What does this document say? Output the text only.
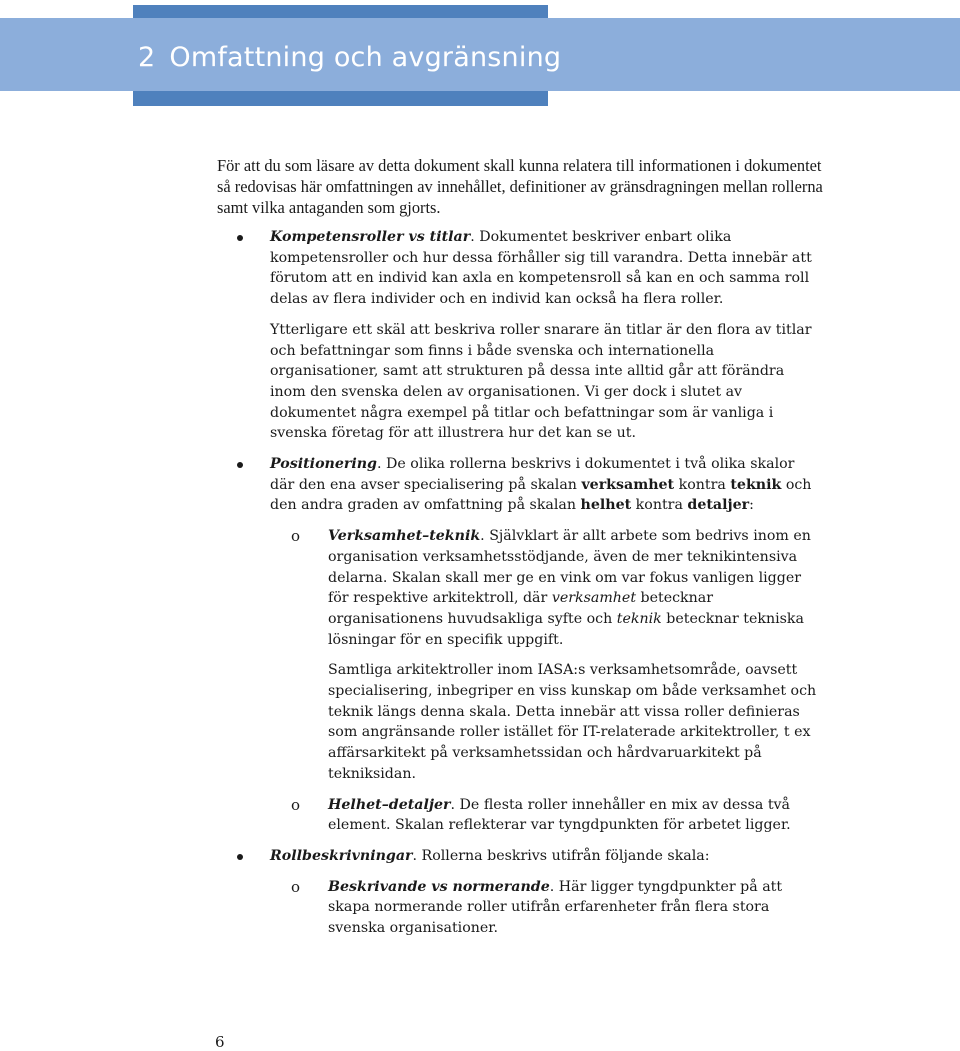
2 Omfattning och avgränsning

För att du som läsare av detta dokument skall kunna relatera till informationen i dokumentet så redovisas här omfattningen av innehållet, definitioner av gränsdragningen mellan rollerna samt vilka antaganden som gjorts.

Kompetensroller vs titlar. Dokumentet beskriver enbart olika kompetensroller och hur dessa förhåller sig till varandra. Detta innebär att förutom att en individ kan axla en kompetensroll så kan en och samma roll delas av flera individer och en individ kan också ha flera roller.

Ytterligare ett skäl att beskriva roller snarare än titlar är den flora av titlar och befattningar som finns i både svenska och internationella organisationer, samt att strukturen på dessa inte alltid går att förändra inom den svenska delen av organisationen. Vi ger dock i slutet av dokumentet några exempel på titlar och befattningar som är vanliga i svenska företag för att illustrera hur det kan se ut.

Positionering. De olika rollerna beskrivs i dokumentet i två olika skalor där den ena avser specialisering på skalan verksamhet kontra teknik och den andra graden av omfattning på skalan helhet kontra detaljer:

o Verksamhet–teknik. Självklart är allt arbete som bedrivs inom en organisation verksamhetsstödjande, även de mer teknikintensiva delarna. Skalan skall mer ge en vink om var fokus vanligen ligger för respektive arkitektroll, där verksamhet betecknar organisationens huvudsakliga syfte och teknik betecknar tekniska lösningar för en specifik uppgift.

Samtliga arkitektroller inom IASA:s verksamhetsområde, oavsett specialisering, inbegriper en viss kunskap om både verksamhet och teknik längs denna skala. Detta innebär att vissa roller definieras som angränsande roller istället för IT-relaterade arkitektroller, t ex affärsarkitekt på verksamhetssidan och hårdvaruarkitekt på tekniksidan.

o Helhet–detaljer. De flesta roller innehåller en mix av dessa två element. Skalan reflekterar var tyngdpunkten för arbetet ligger.

Rollbeskrivningar. Rollerna beskrivs utifrån följande skala:

o Beskrivande vs normerande. Här ligger tyngdpunkter på att skapa normerande roller utifrån erfarenheter från flera stora svenska organisationer.

6
